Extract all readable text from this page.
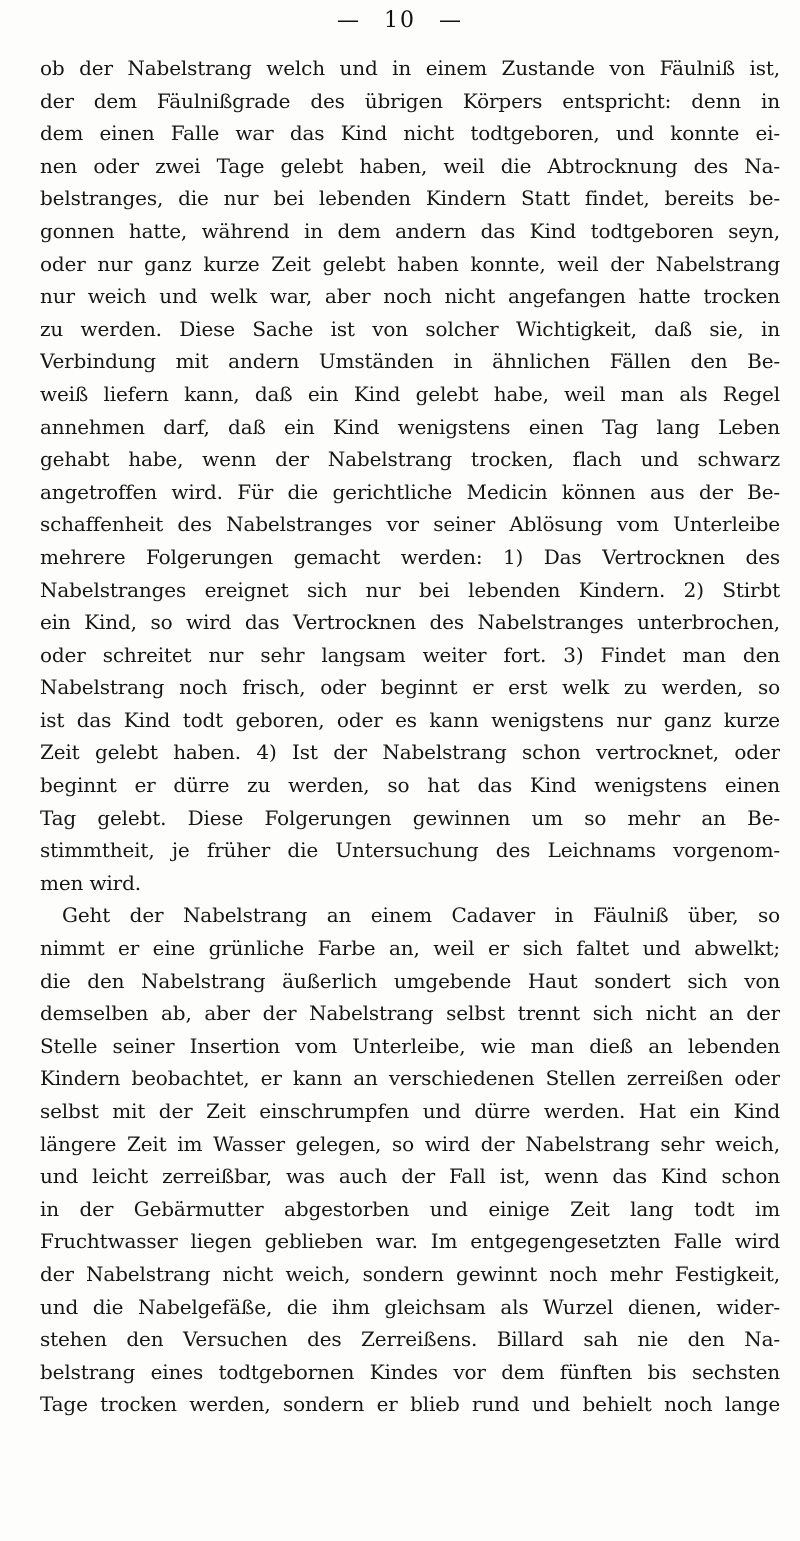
— 10 —
ob der Nabelstrang welch und in einem Zustande von Fäulniß ist,
der dem Fäulnißgrade des übrigen Körpers entspricht: denn in
dem einen Falle war das Kind nicht todtgeboren, und konnte ei-
nen oder zwei Tage gelebt haben, weil die Abtrocknung des Na-
belstranges, die nur bei lebenden Kindern Statt findet, bereits be-
gonnen hatte, während in dem andern das Kind todtgeboren seyn,
oder nur ganz kurze Zeit gelebt haben konnte, weil der Nabelstrang
nur weich und welk war, aber noch nicht angefangen hatte trocken
zu werden. Diese Sache ist von solcher Wichtigkeit, daß sie, in
Verbindung mit andern Umständen in ähnlichen Fällen den Be-
weiß liefern kann, daß ein Kind gelebt habe, weil man als Regel
annehmen darf, daß ein Kind wenigstens einen Tag lang Leben
gehabt habe, wenn der Nabelstrang trocken, flach und schwarz
angetroffen wird. Für die gerichtliche Medicin können aus der Be-
schaffenheit des Nabelstranges vor seiner Ablösung vom Unterleibe
mehrere Folgerungen gemacht werden: 1) Das Vertrocknen des
Nabelstranges ereignet sich nur bei lebenden Kindern. 2) Stirbt
ein Kind, so wird das Vertrocknen des Nabelstranges unterbrochen,
oder schreitet nur sehr langsam weiter fort. 3) Findet man den
Nabelstrang noch frisch, oder beginnt er erst welk zu werden, so
ist das Kind todt geboren, oder es kann wenigstens nur ganz kurze
Zeit gelebt haben. 4) Ist der Nabelstrang schon vertrocknet, oder
beginnt er dürre zu werden, so hat das Kind wenigstens einen
Tag gelebt. Diese Folgerungen gewinnen um so mehr an Be-
stimmtheit, je früher die Untersuchung des Leichnams vorgenom-
men wird.
Geht der Nabelstrang an einem Cadaver in Fäulniß über, so
nimmt er eine grünliche Farbe an, weil er sich faltet und abwelkt;
die den Nabelstrang äußerlich umgebende Haut sondert sich von
demselben ab, aber der Nabelstrang selbst trennt sich nicht an der
Stelle seiner Insertion vom Unterleibe, wie man dieß an lebenden
Kindern beobachtet, er kann an verschiedenen Stellen zerreißen oder
selbst mit der Zeit einschrumpfen und dürre werden. Hat ein Kind
längere Zeit im Wasser gelegen, so wird der Nabelstrang sehr weich,
und leicht zerreißbar, was auch der Fall ist, wenn das Kind schon
in der Gebärmutter abgestorben und einige Zeit lang todt im
Fruchtwasser liegen geblieben war. Im entgegengesetzten Falle wird
der Nabelstrang nicht weich, sondern gewinnt noch mehr Festigkeit,
und die Nabelgefäße, die ihm gleichsam als Wurzel dienen, wider-
stehen den Versuchen des Zerreißens. Billard sah nie den Na-
belstrang eines todtgebornen Kindes vor dem fünften bis sechsten
Tage trocken werden, sondern er blieb rund und behielt noch lange
